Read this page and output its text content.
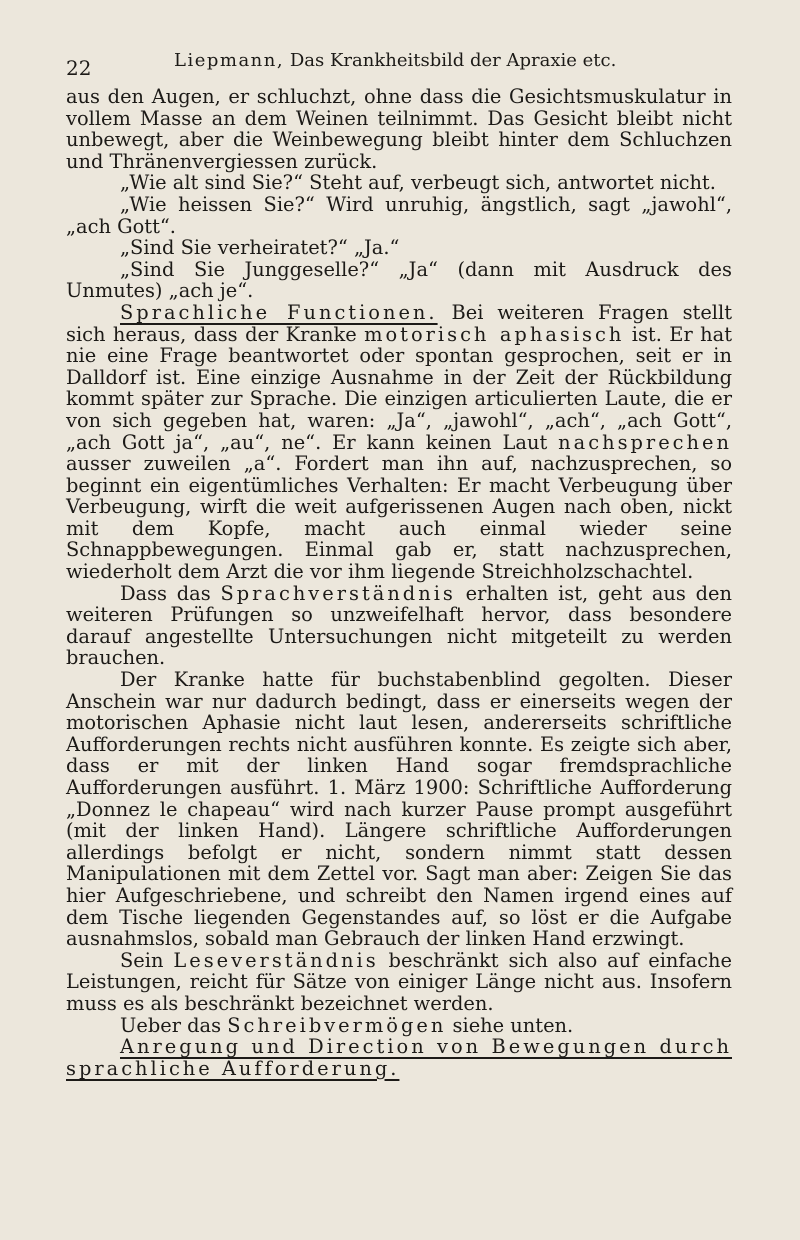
22	Liepmann, Das Krankheitsbild der Apraxie etc.

aus den Augen, er schluchzt, ohne dass die Gesichtsmuskulatur in vollem Masse an dem Weinen teilnimmt. Das Gesicht bleibt nicht unbewegt, aber die Weinbewegung bleibt hinter dem Schluchzen und Thränenvergiessen zurück.

„Wie alt sind Sie?“ Steht auf, verbeugt sich, antwortet nicht.

„Wie heissen Sie?“ Wird unruhig, ängstlich, sagt „jawohl“, „ach Gott“.

„Sind Sie verheiratet?“ „Ja.“

„Sind Sie Junggeselle?“ „Ja“ (dann mit Ausdruck des Unmutes) „ach je“.

Sprachliche Functionen. Bei weiteren Fragen stellt sich heraus, dass der Kranke motorisch aphasisch ist. Er hat nie eine Frage beantwortet oder spontan gesprochen, seit er in Dalldorf ist. Eine einzige Ausnahme in der Zeit der Rückbildung kommt später zur Sprache. Die einzigen articulierten Laute, die er von sich gegeben hat, waren: „Ja“, „jawohl“, „ach“, „ach Gott“, „ach Gott ja“, „au“, ne“. Er kann keinen Laut nachsprechen ausser zuweilen „a“. Fordert man ihn auf, nachzusprechen, so beginnt ein eigentümliches Verhalten: Er macht Verbeugung über Verbeugung, wirft die weit aufgerissenen Augen nach oben, nickt mit dem Kopfe, macht auch einmal wieder seine Schnappbewegungen. Einmal gab er, statt nachzusprechen, wiederholt dem Arzt die vor ihm liegende Streichholzschachtel.

Dass das Sprachverständnis erhalten ist, geht aus den weiteren Prüfungen so unzweifelhaft hervor, dass besondere darauf angestellte Untersuchungen nicht mitgeteilt zu werden brauchen.

Der Kranke hatte für buchstabenblind gegolten. Dieser Anschein war nur dadurch bedingt, dass er einerseits wegen der motorischen Aphasie nicht laut lesen, andererseits schriftliche Aufforderungen rechts nicht ausführen konnte. Es zeigte sich aber, dass er mit der linken Hand sogar fremdsprachliche Aufforderungen ausführt. 1. März 1900: Schriftliche Aufforderung „Donnez le chapeau“ wird nach kurzer Pause prompt ausgeführt (mit der linken Hand). Längere schriftliche Aufforderungen allerdings befolgt er nicht, sondern nimmt statt dessen Manipulationen mit dem Zettel vor. Sagt man aber: Zeigen Sie das hier Aufgeschriebene, und schreibt den Namen irgend eines auf dem Tische liegenden Gegenstandes auf, so löst er die Aufgabe ausnahmslos, sobald man Gebrauch der linken Hand erzwingt.

Sein Leseverständnis beschränkt sich also auf einfache Leistungen, reicht für Sätze von einiger Länge nicht aus. Insofern muss es als beschränkt bezeichnet werden.

Ueber das Schreibvermögen siehe unten.

Anregung und Direction von Bewegungen durch sprachliche Aufforderung.
